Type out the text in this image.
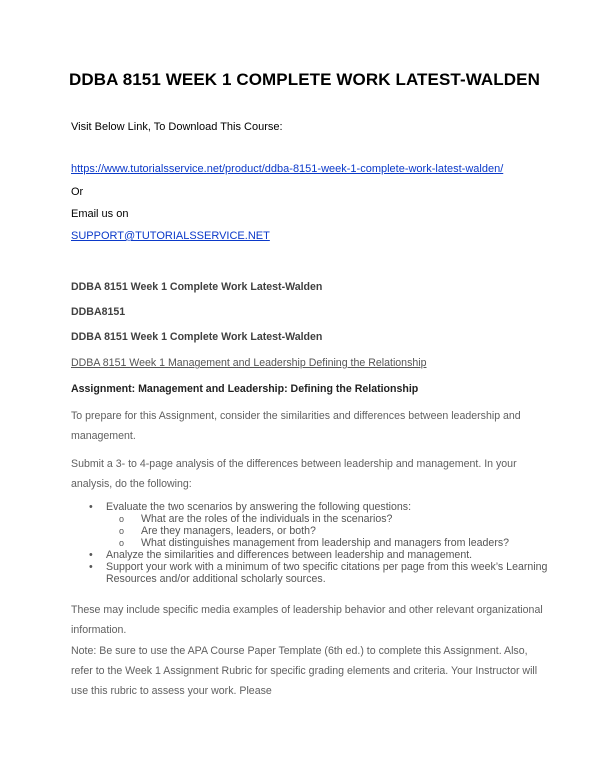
DDBA 8151 WEEK 1 COMPLETE WORK LATEST-WALDEN

Visit Below Link, To Download This Course:

https://www.tutorialsservice.net/product/ddba-8151-week-1-complete-work-latest-walden/

Or

Email us on

SUPPORT@TUTORIALSSERVICE.NET

DDBA 8151 Week 1 Complete Work Latest-Walden

DDBA8151

DDBA 8151 Week 1 Complete Work Latest-Walden

DDBA 8151 Week 1 Management and Leadership Defining the Relationship

Assignment: Management and Leadership: Defining the Relationship

To prepare for this Assignment, consider the similarities and differences between leadership and management.

Submit a 3- to 4-page analysis of the differences between leadership and management. In your analysis, do the following:

• Evaluate the two scenarios by answering the following questions:
o What are the roles of the individuals in the scenarios?
o Are they managers, leaders, or both?
o What distinguishes management from leadership and managers from leaders?
• Analyze the similarities and differences between leadership and management.
• Support your work with a minimum of two specific citations per page from this week’s Learning Resources and/or additional scholarly sources.

These may include specific media examples of leadership behavior and other relevant organizational information.

Note: Be sure to use the APA Course Paper Template (6th ed.) to complete this Assignment. Also, refer to the Week 1 Assignment Rubric for specific grading elements and criteria. Your Instructor will use this rubric to assess your work. Please
